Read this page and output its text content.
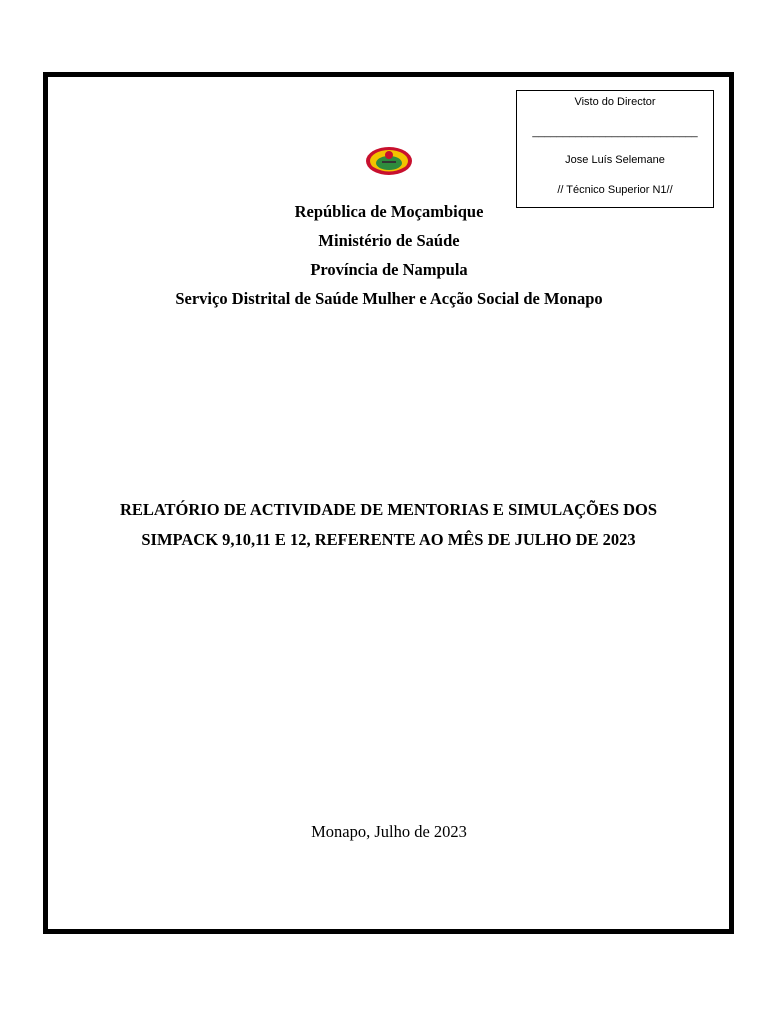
Visto do Director
___________________________
Jose Luís Selemane
// Técnico Superior N1//
República de Moçambique
Ministério de Saúde
Província de Nampula
Serviço Distrital de Saúde Mulher e Acção Social de Monapo
RELATÓRIO DE ACTIVIDADE DE MENTORIAS E SIMULAÇÕES DOS
SIMPACK 9,10,11 E 12, REFERENTE AO MÊS DE JULHO DE 2023
Monapo, Julho de 2023
